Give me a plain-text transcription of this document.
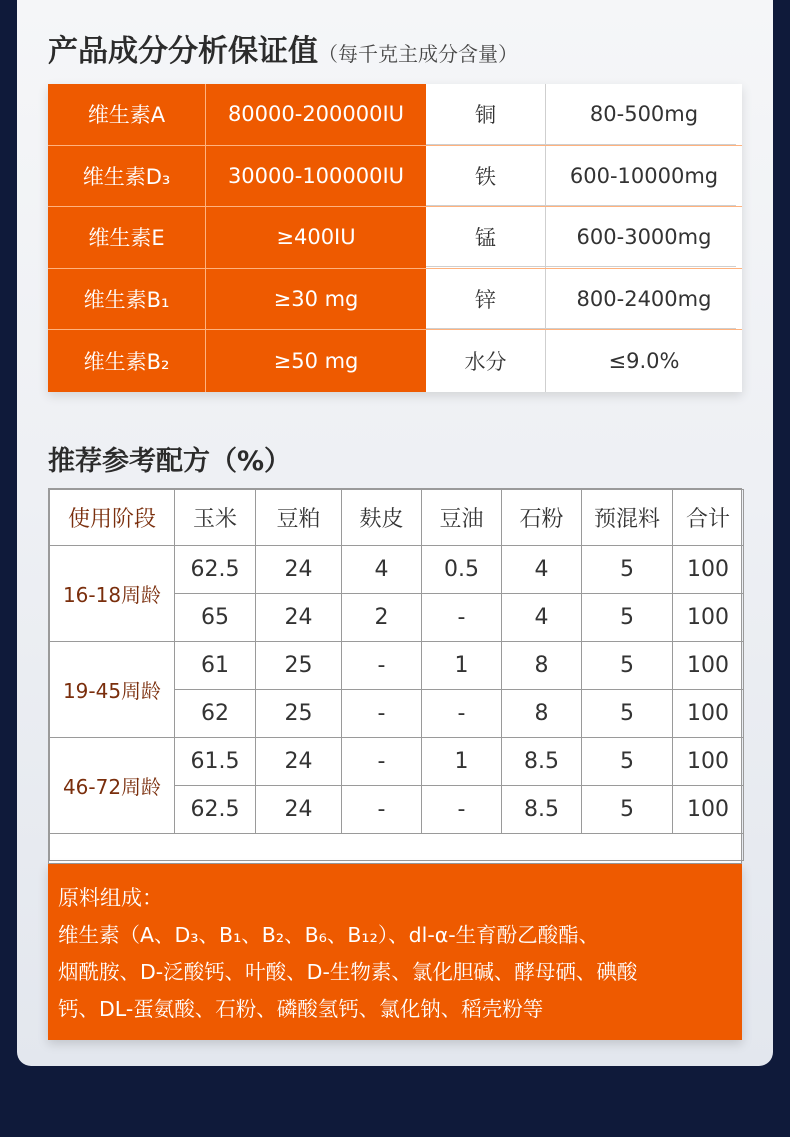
产品成分分析保证值（每千克主成分含量）
维生素A	80000-200000IU	铜	80-500mg
维生素D₃	30000-100000IU	铁	600-10000mg
维生素E	≥400IU	锰	600-3000mg
维生素B₁	≥30 mg	锌	800-2400mg
维生素B₂	≥50 mg	水分	≤9.0%
推荐参考配方（%）
使用阶段	玉米	豆粕	麸皮	豆油	石粉	预混料	合计
16-18周龄	62.5	24	4	0.5	4	5	100
	65	24	2	-	4	5	100
19-45周龄	61	25	-	1	8	5	100
	62	25	-	-	8	5	100
46-72周龄	61.5	24	-	1	8.5	5	100
	62.5	24	-	-	8.5	5	100

原料组成：
维生素（A、D₃、B₁、B₂、B₆、B₁₂）、dl-α-生育酚乙酸酯、
烟酰胺、D-泛酸钙、叶酸、D-生物素、氯化胆碱、酵母硒、碘酸
钙、DL-蛋氨酸、石粉、磷酸氢钙、氯化钠、稻壳粉等
